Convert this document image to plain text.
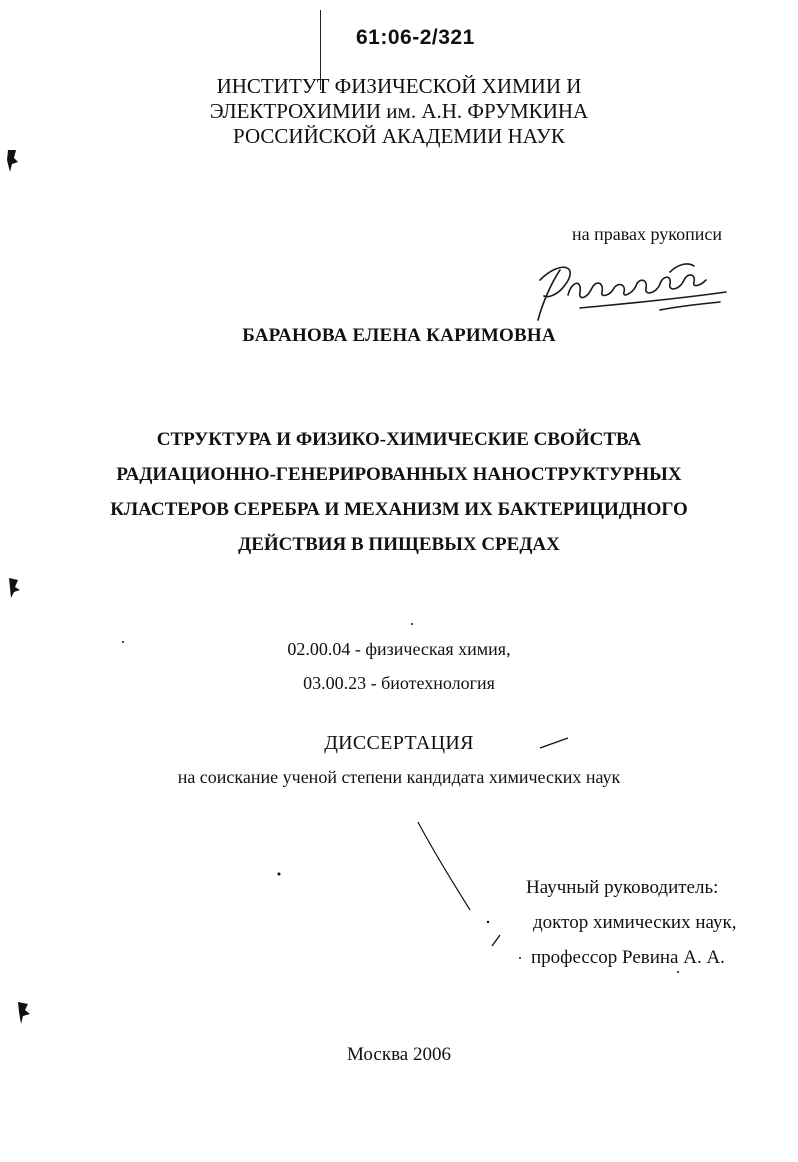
61:06-2/321
ИНСТИТУТ ФИЗИЧЕСКОЙ ХИМИИ И
ЭЛЕКТРОХИМИИ им. А.Н. ФРУМКИНА
РОССИЙСКОЙ АКАДЕМИИ НАУК
на правах рукописи
БАРАНОВА ЕЛЕНА КАРИМОВНА
СТРУКТУРА И ФИЗИКО-ХИМИЧЕСКИЕ СВОЙСТВА
РАДИАЦИОННО-ГЕНЕРИРОВАННЫХ НАНОСТРУКТУРНЫХ
КЛАСТЕРОВ СЕРЕБРА И МЕХАНИЗМ ИХ БАКТЕРИЦИДНОГО
ДЕЙСТВИЯ В ПИЩЕВЫХ СРЕДАХ
02.00.04 - физическая химия,
03.00.23 - биотехнология
ДИССЕРТАЦИЯ
на соискание ученой степени кандидата химических наук
Научный руководитель:
доктор химических наук,
профессор Ревина А. А.
Москва 2006
